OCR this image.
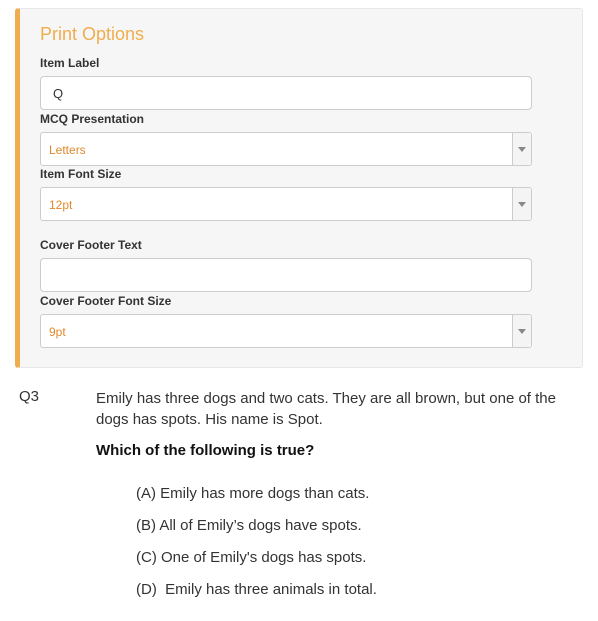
Print Options
Item Label
Q
MCQ Presentation
Letters
Item Font Size
12pt
Cover Footer Text
Cover Footer Font Size
9pt
Q3	Emily has three dogs and two cats. They are all brown, but one of the dogs has spots. His name is Spot.
Which of the following is true?
(A) Emily has more dogs than cats.
(B) All of Emily’s dogs have spots.
(C) One of Emily's dogs has spots.
(D)  Emily has three animals in total.
